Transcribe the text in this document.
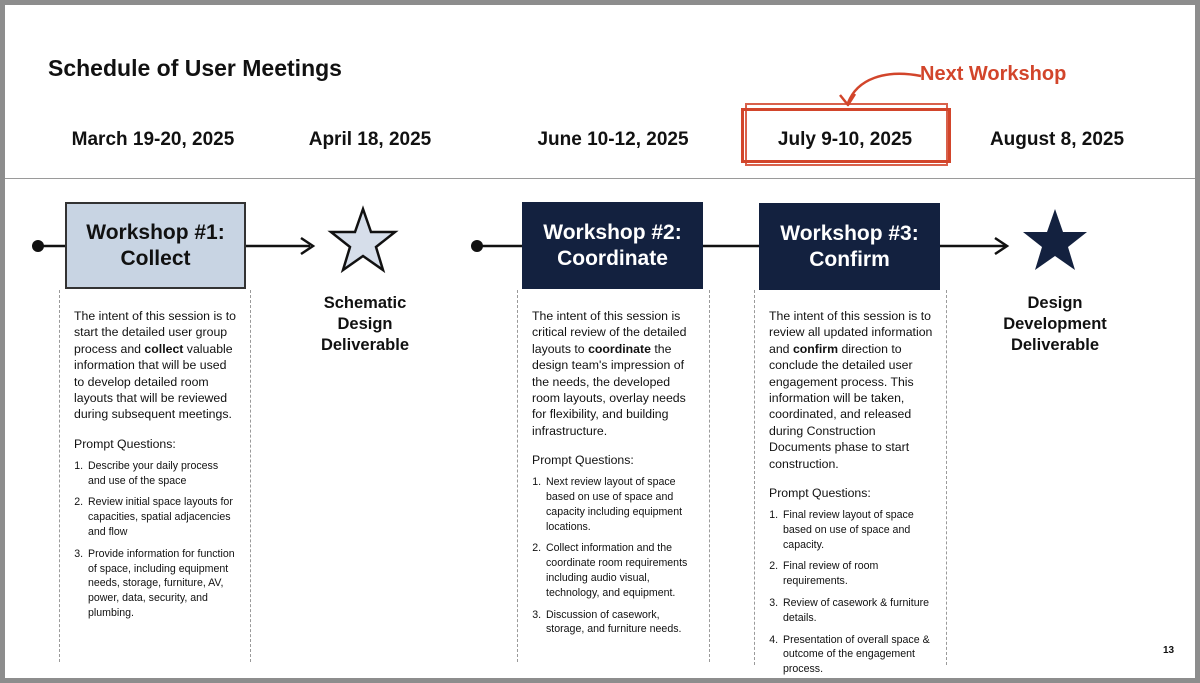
Schedule of User Meetings	Next Workshop
March 19-20, 2025	April 18, 2025	June 10-12, 2025	July 9-10, 2025	August 8, 2025
Workshop #1:
Collect
Workshop #2:
Coordinate
Workshop #3:
Confirm
Schematic
Design
Deliverable
Design
Development
Deliverable
The intent of this session is to start the detailed user group process and collect valuable information that will be used to develop detailed room layouts that will be reviewed during subsequent meetings.
Prompt Questions:
1. Describe your daily process and use of the space
2. Review initial space layouts for capacities, spatial adjacencies and flow
3. Provide information for function of space, including equipment needs, storage, furniture, AV, power, data, security, and plumbing.
The intent of this session is critical review of the detailed layouts to coordinate the design team's impression of the needs, the developed room layouts, overlay needs for flexibility, and building infrastructure.
Prompt Questions:
1. Next review layout of space based on use of space and capacity including equipment locations.
2. Collect information and the coordinate room requirements including audio visual, technology, and equipment.
3. Discussion of casework, storage, and furniture needs.
The intent of this session is to review all updated information and confirm direction to conclude the detailed user engagement process. This information will be taken, coordinated, and released during Construction Documents phase to start construction.
Prompt Questions:
1. Final review layout of space based on use of space and capacity.
2. Final review of room requirements.
3. Review of casework & furniture details.
4. Presentation of overall space & outcome of the engagement process.
13
